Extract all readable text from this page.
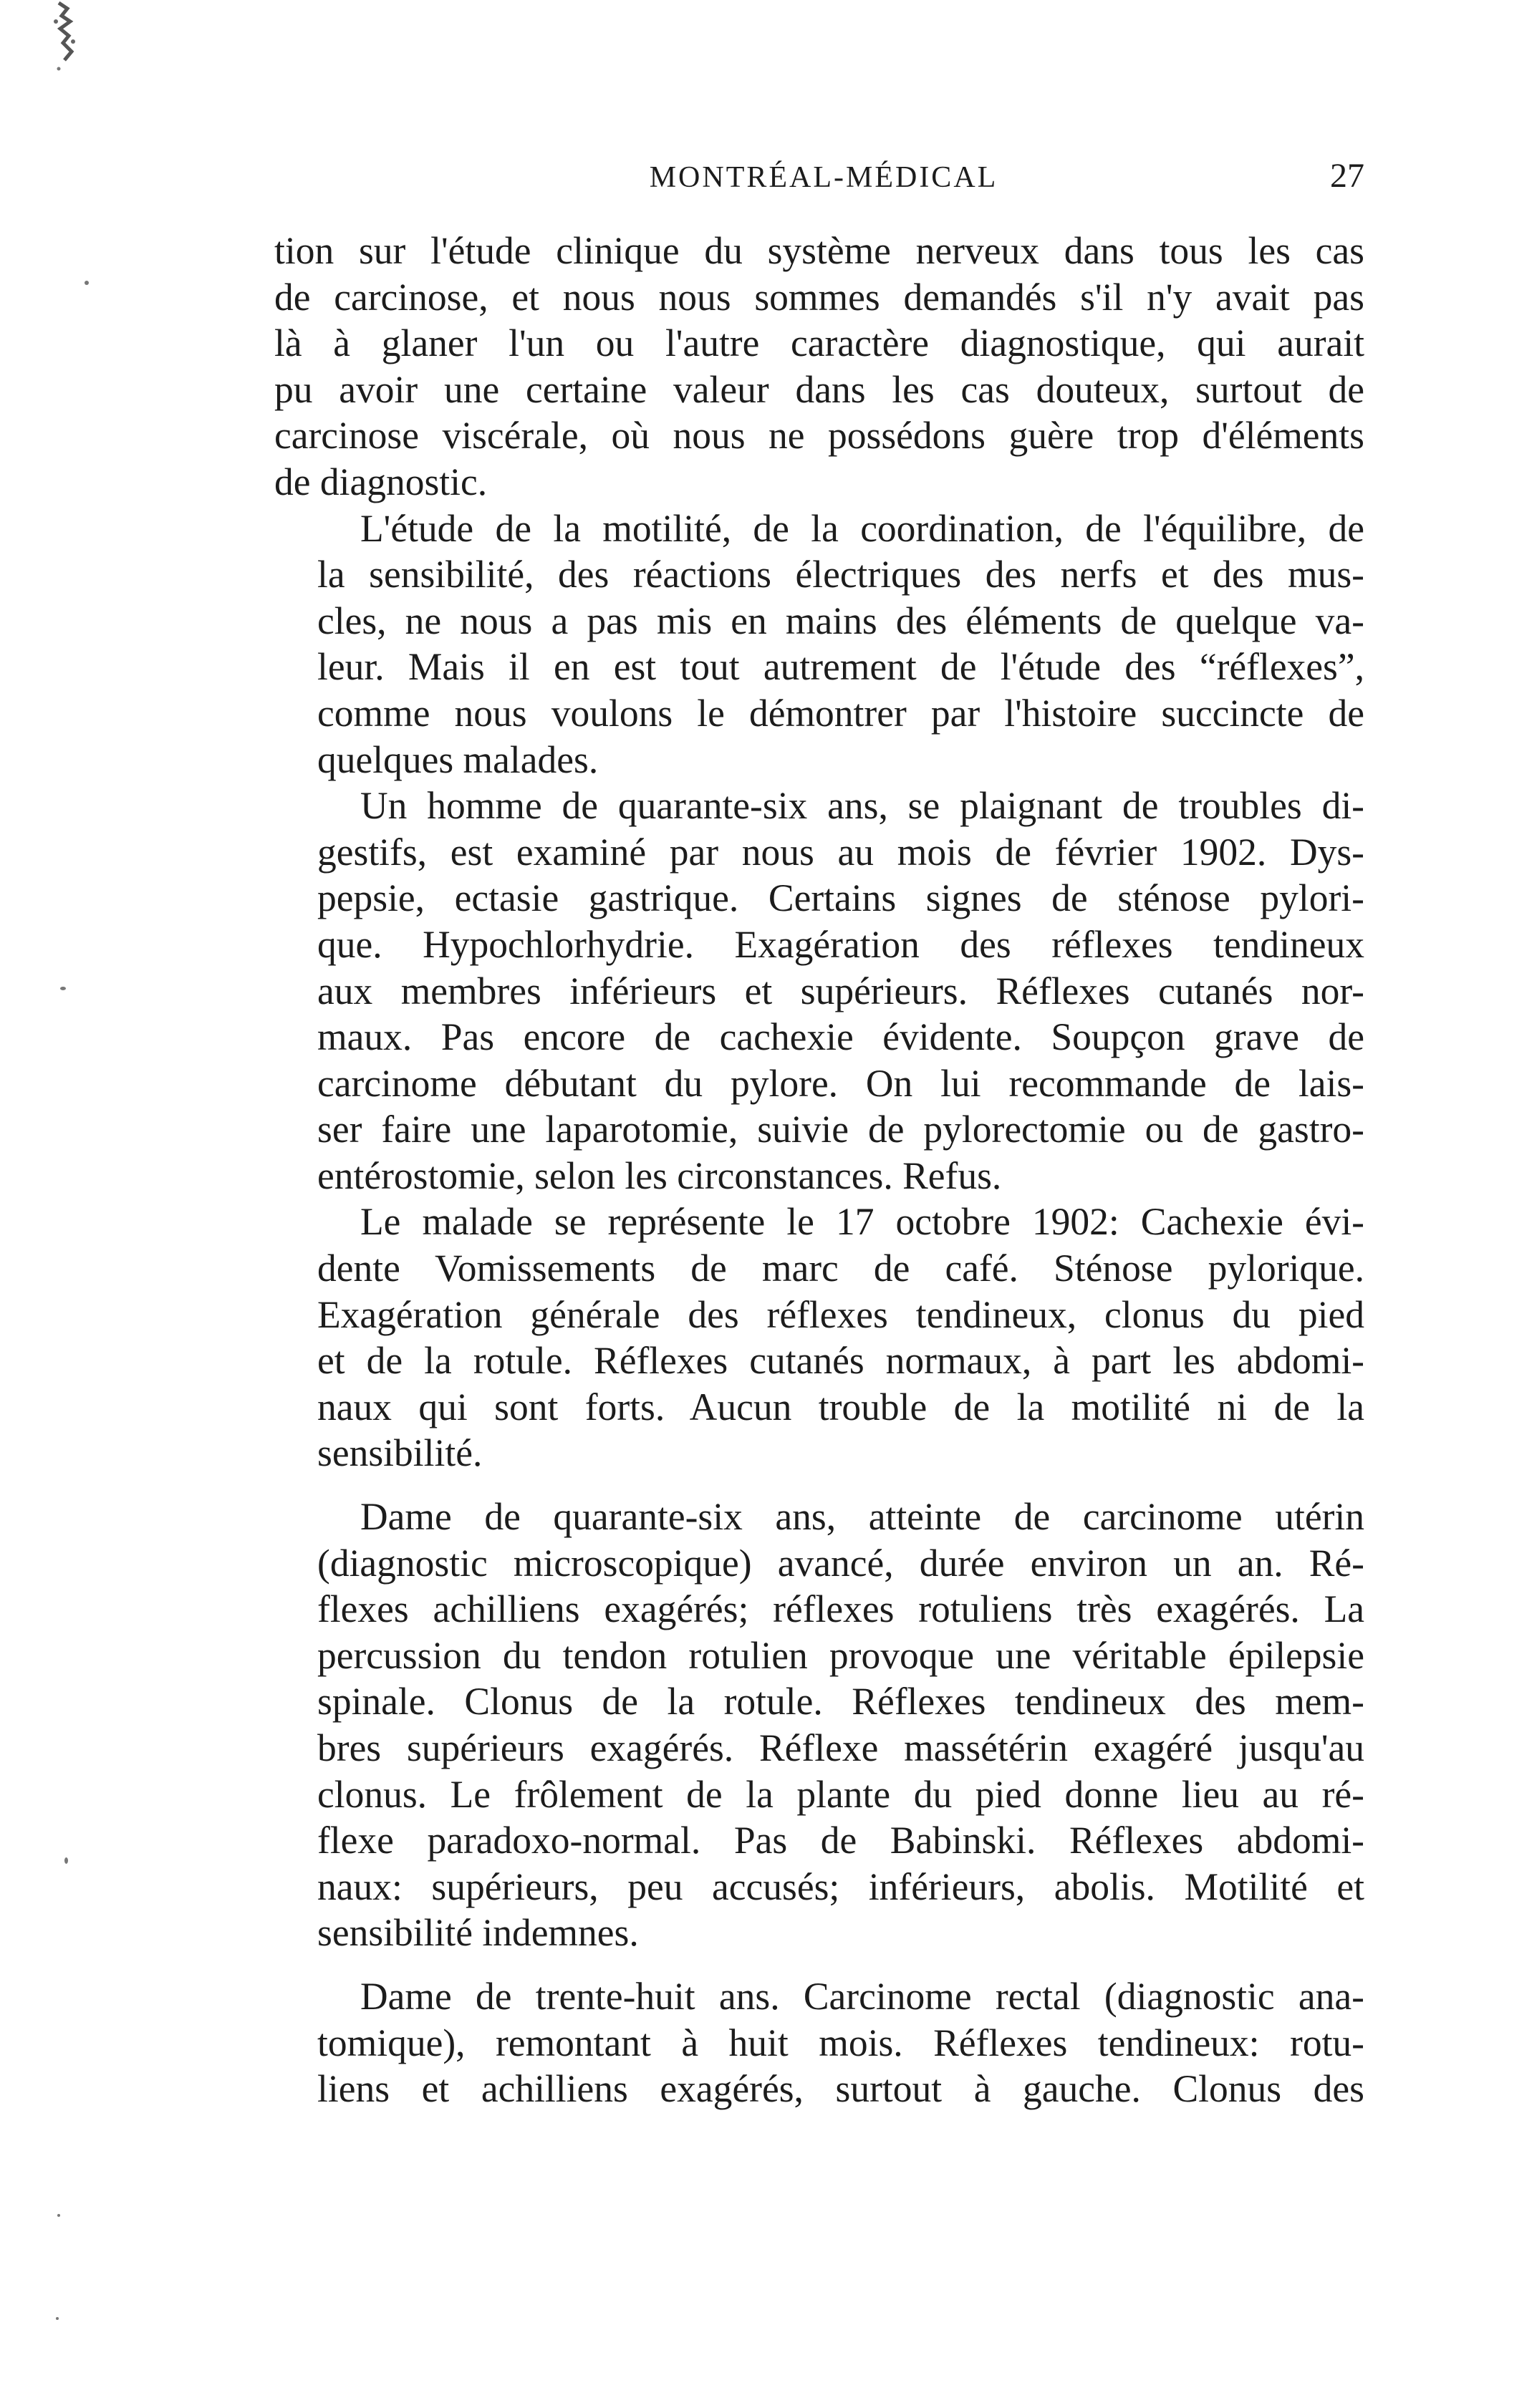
MONTRÉAL-MÉDICAL	27

tion sur l'étude clinique du système nerveux dans tous les cas
de carcinose, et nous nous sommes demandés s'il n'y avait pas
là à glaner l'un ou l'autre caractère diagnostique, qui aurait
pu avoir une certaine valeur dans les cas douteux, surtout de
carcinose viscérale, où nous ne possédons guère trop d'éléments
de diagnostic.

L'étude de la motilité, de la coordination, de l'équilibre, de
la sensibilité, des réactions électriques des nerfs et des mus-
cles, ne nous a pas mis en mains des éléments de quelque va-
leur. Mais il en est tout autrement de l'étude des “réflexes”,
comme nous voulons le démontrer par l'histoire succincte de
quelques malades.

Un homme de quarante-six ans, se plaignant de troubles di-
gestifs, est examiné par nous au mois de février 1902. Dys-
pepsie, ectasie gastrique. Certains signes de sténose pylori-
que. Hypochlorhydrie. Exagération des réflexes tendineux
aux membres inférieurs et supérieurs. Réflexes cutanés nor-
maux. Pas encore de cachexie évidente. Soupçon grave de
carcinome débutant du pylore. On lui recommande de lais-
ser faire une laparotomie, suivie de pylorectomie ou de gastro-
entérostomie, selon les circonstances. Refus.

Le malade se représente le 17 octobre 1902: Cachexie évi-
dente Vomissements de marc de café. Sténose pylorique.
Exagération générale des réflexes tendineux, clonus du pied
et de la rotule. Réflexes cutanés normaux, à part les abdomi-
naux qui sont forts. Aucun trouble de la motilité ni de la
sensibilité.

Dame de quarante-six ans, atteinte de carcinome utérin
(diagnostic microscopique) avancé, durée environ un an. Ré-
flexes achilliens exagérés; réflexes rotuliens très exagérés. La
percussion du tendon rotulien provoque une véritable épilepsie
spinale. Clonus de la rotule. Réflexes tendineux des mem-
bres supérieurs exagérés. Réflexe massétérin exagéré jusqu'au
clonus. Le frôlement de la plante du pied donne lieu au ré-
flexe paradoxo-normal. Pas de Babinski. Réflexes abdomi-
naux: supérieurs, peu accusés; inférieurs, abolis. Motilité et
sensibilité indemnes.

Dame de trente-huit ans. Carcinome rectal (diagnostic ana-
tomique), remontant à huit mois. Réflexes tendineux: rotu-
liens et achilliens exagérés, surtout à gauche. Clonus des
